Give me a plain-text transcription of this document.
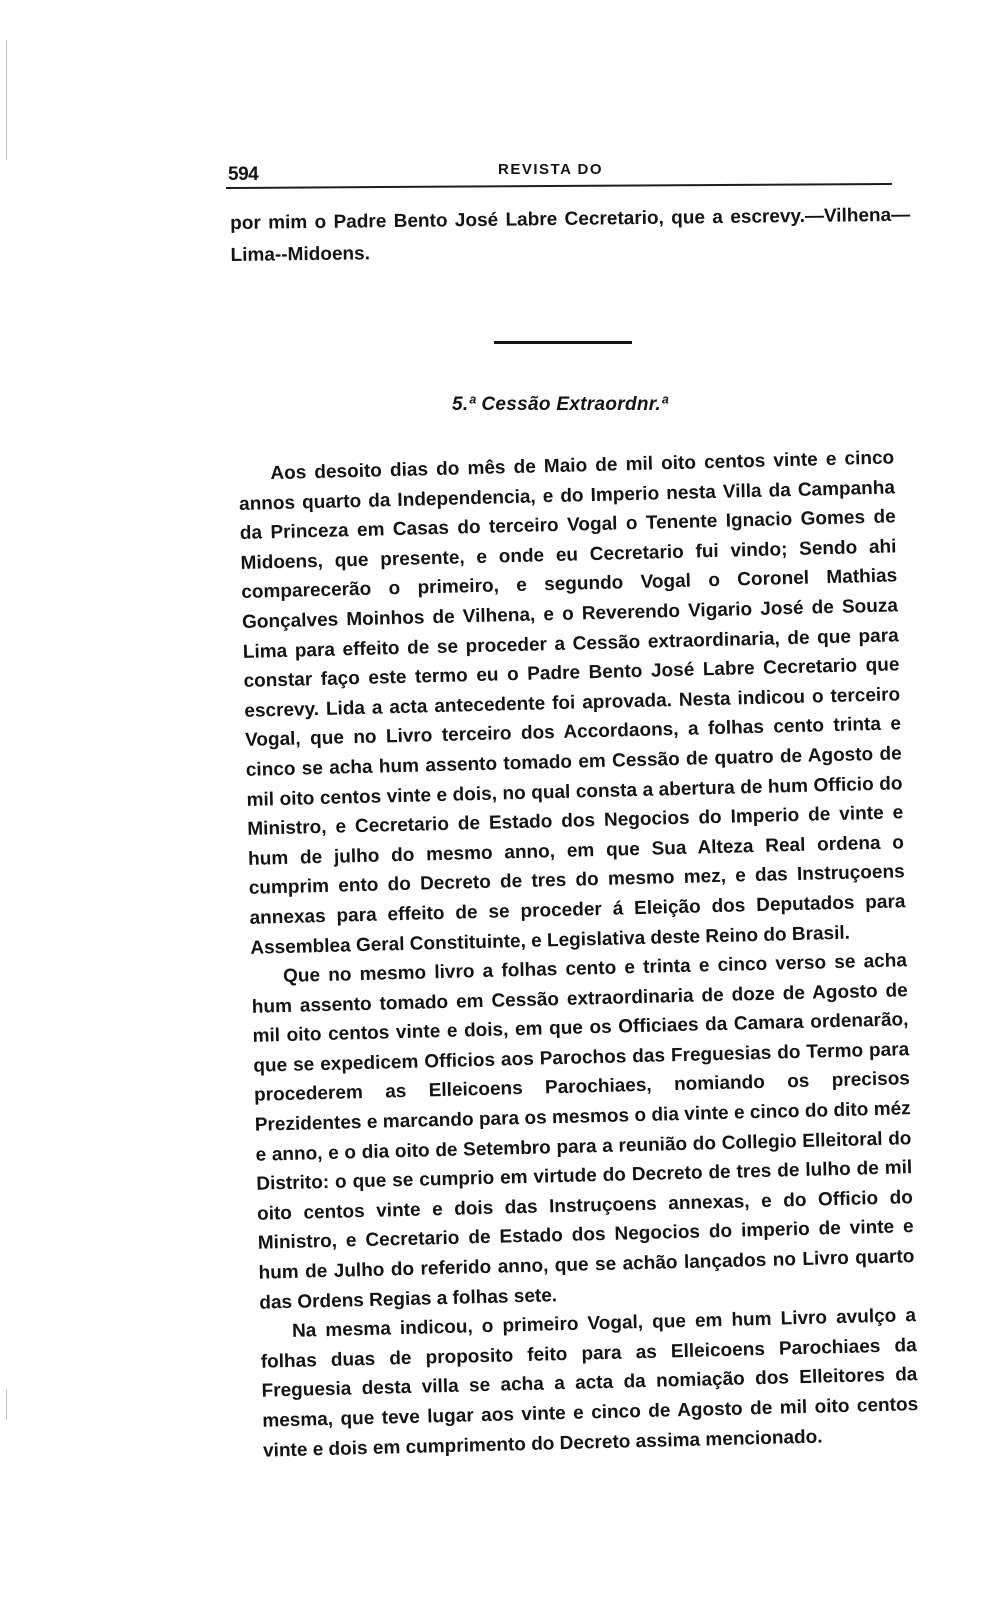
594	REVISTA DO

por mim o Padre Bento José Labre Cecretario, que a escrevy.—Vilhena—Lima--Midoens.

5.ª Cessão Extraordnr.ª

Aos desoito dias do mês de Maio de mil oito centos vinte e cinco annos quarto da Independencia, e do Imperio nesta Villa da Campanha da Princeza em Casas do terceiro Vogal o Tenente Ignacio Gomes de Midoens, que presente, e onde eu Cecretario fui vindo; Sendo ahi comparecerão o primeiro, e segundo Vogal o Coronel Mathias Gonçalves Moinhos de Vilhena, e o Reverendo Vigario José de Souza Lima para effeito de se proceder a Cessão extraordinaria, de que para constar faço este termo eu o Padre Bento José Labre Cecretario que escrevy. Lida a acta antecedente foi aprovada. Nesta indicou o terceiro Vogal, que no Livro terceiro dos Accordaons, a folhas cento trinta e cinco se acha hum assento tomado em Cessão de quatro de Agosto de mil oito centos vinte e dois, no qual consta a abertura de hum Officio do Ministro, e Cecretario de Estado dos Negocios do Imperio de vinte e hum de julho do mesmo anno, em que Sua Alteza Real ordena o cumprim ento do Decreto de tres do mesmo mez, e das Instruçoens annexas para effeito de se proceder á Eleição dos Deputados para Assemblea Geral Constituinte, e Legislativa deste Reino do Brasil.

Que no mesmo livro a folhas cento e trinta e cinco verso se acha hum assento tomado em Cessão extraordinaria de doze de Agosto de mil oito centos vinte e dois, em que os Officiaes da Camara ordenarão, que se expedicem Officios aos Parochos das Freguesias do Termo para procederem as Elleicoens Parochiaes, nomiando os precisos Prezidentes e marcando para os mesmos o dia vinte e cinco do dito méz e anno, e o dia oito de Setembro para a reunião do Collegio Elleitoral do Distrito: o que se cumprio em virtude do Decreto de tres de lulho de mil oito centos vinte e dois das Instruçoens annexas, e do Officio do Ministro, e Cecretario de Estado dos Negocios do imperio de vinte e hum de Julho do referido anno, que se achão lançados no Livro quarto das Ordens Regias a folhas sete.

Na mesma indicou, o primeiro Vogal, que em hum Livro avulço a folhas duas de proposito feito para as Elleicoens Parochiaes da Freguesia desta villa se acha a acta da nomiação dos Elleitores da mesma, que teve lugar aos vinte e cinco de Agosto de mil oito centos vinte e dois em cumprimento do Decreto assima mencionado.
